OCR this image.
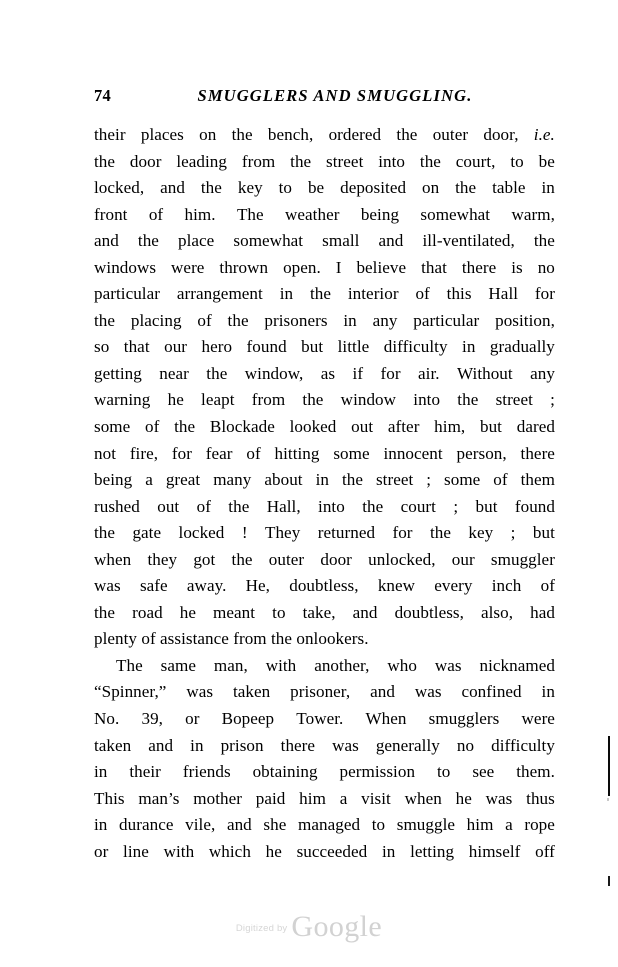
74	SMUGGLERS AND SMUGGLING.
their places on the bench, ordered the outer door, i.e.
the door leading from the street into the court, to be
locked, and the key to be deposited on the table in
front of him. The weather being somewhat warm,
and the place somewhat small and ill-ventilated, the
windows were thrown open. I believe that there is no
particular arrangement in the interior of this Hall for
the placing of the prisoners in any particular position,
so that our hero found but little difficulty in gradually
getting near the window, as if for air. Without any
warning he leapt from the window into the street ;
some of the Blockade looked out after him, but dared
not fire, for fear of hitting some innocent person, there
being a great many about in the street ; some of them
rushed out of the Hall, into the court ; but found
the gate locked ! They returned for the key ; but
when they got the outer door unlocked, our smuggler
was safe away. He, doubtless, knew every inch of
the road he meant to take, and doubtless, also, had
plenty of assistance from the onlookers.
The same man, with another, who was nicknamed
“Spinner,” was taken prisoner, and was confined in
No. 39, or Bopeep Tower. When smugglers were
taken and in prison there was generally no difficulty
in their friends obtaining permission to see them.
This man’s mother paid him a visit when he was thus
in durance vile, and she managed to smuggle him a rope
or line with which he succeeded in letting himself off
$^{Digitized by}$ Google
